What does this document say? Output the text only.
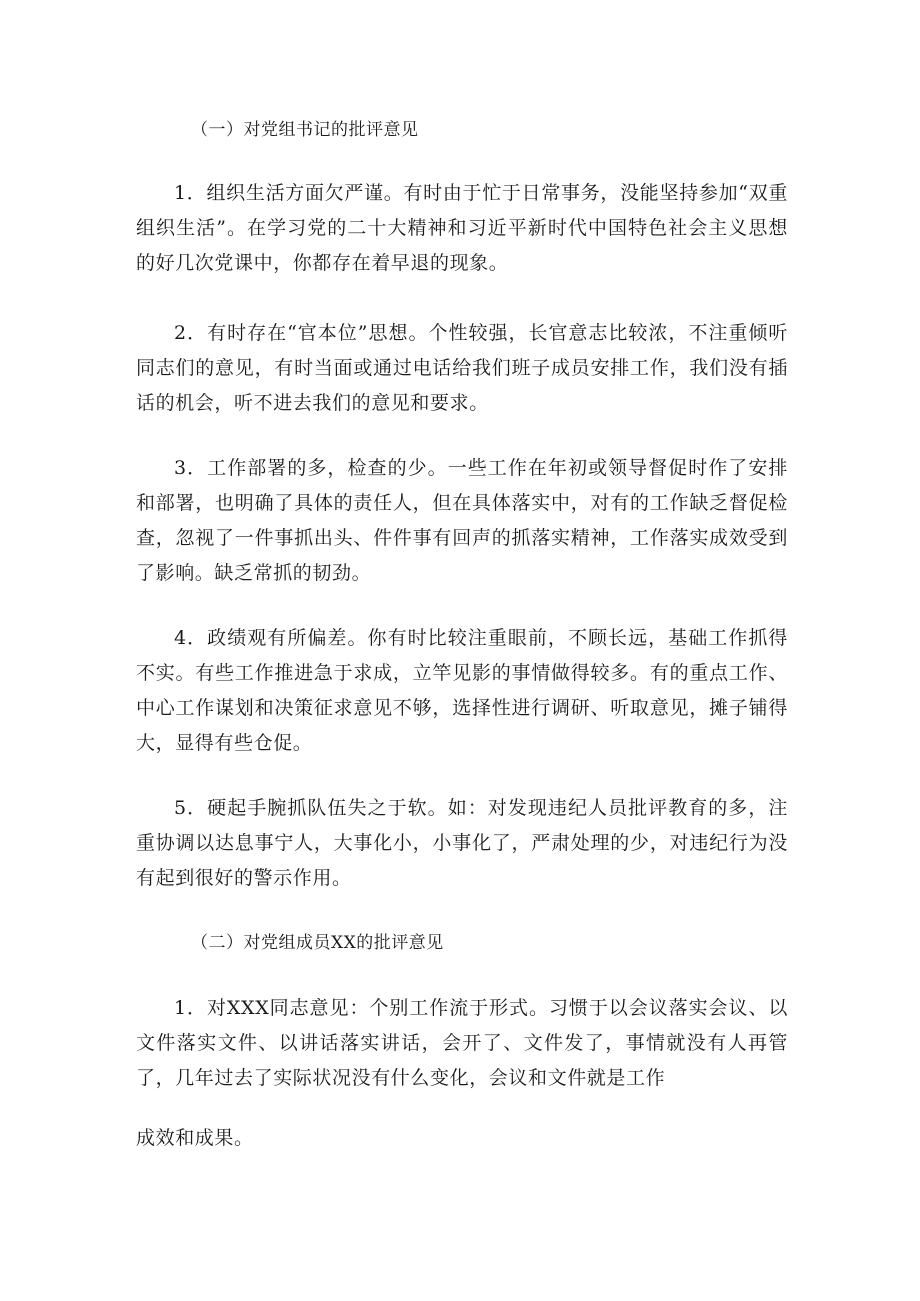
（一）对党组书记的批评意见
1．组织生活方面欠严谨。有时由于忙于日常事务，没能坚持参加“双重组织生活”。在学习党的二十大精神和习近平新时代中国特色社会主义思想的好几次党课中，你都存在着早退的现象。
2．有时存在“官本位”思想。个性较强，长官意志比较浓，不注重倾听同志们的意见，有时当面或通过电话给我们班子成员安排工作，我们没有插话的机会，听不进去我们的意见和要求。
3．工作部署的多，检查的少。一些工作在年初或领导督促时作了安排和部署，也明确了具体的责任人，但在具体落实中，对有的工作缺乏督促检查，忽视了一件事抓出头、件件事有回声的抓落实精神，工作落实成效受到了影响。缺乏常抓的韧劲。
4．政绩观有所偏差。你有时比较注重眼前，不顾长远，基础工作抓得不实。有些工作推进急于求成，立竿见影的事情做得较多。有的重点工作、中心工作谋划和决策征求意见不够，选择性进行调研、听取意见，摊子铺得大，显得有些仓促。
5．硬起手腕抓队伍失之于软。如：对发现违纪人员批评教育的多，注重协调以达息事宁人，大事化小，小事化了，严肃处理的少，对违纪行为没有起到很好的警示作用。
（二）对党组成员XX的批评意见
1．对XXX同志意见：个别工作流于形式。习惯于以会议落实会议、以文件落实文件、以讲话落实讲话，会开了、文件发了，事情就没有人再管了，几年过去了实际状况没有什么变化，会议和文件就是工作
成效和成果。
